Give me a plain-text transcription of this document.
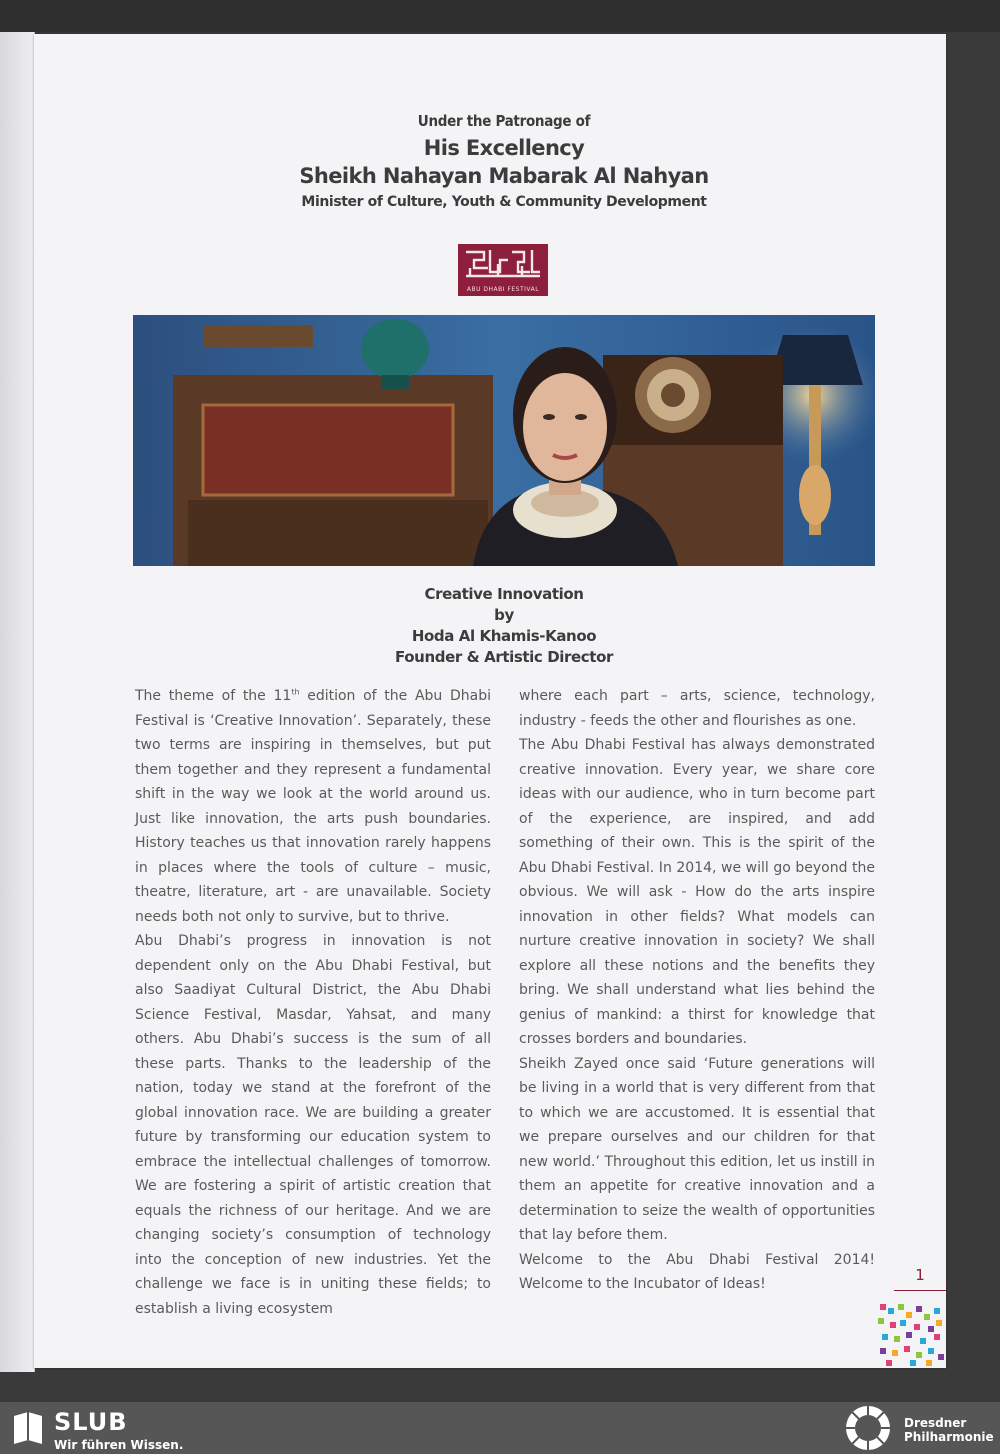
Under the Patronage of
His Excellency
Sheikh Nahayan Mabarak Al Nahyan
Minister of Culture, Youth & Community Development
ABU DHABI FESTIVAL
Creative Innovation
by
Hoda Al Khamis-Kanoo
Founder & Artistic Director

The theme of the 11th edition of the Abu Dhabi Festival is ‘Creative Innovation’. Separately, these two terms are inspiring in themselves, but put them together and they represent a fundamental shift in the way we look at the world around us. Just like innovation, the arts push boundaries. History teaches us that innovation rarely happens in places where the tools of culture – music, theatre, literature, art - are unavailable. Society needs both not only to survive, but to thrive.

Abu Dhabi’s progress in innovation is not dependent only on the Abu Dhabi Festival, but also Saadiyat Cultural District, the Abu Dhabi Science Festival, Masdar, Yahsat, and many others. Abu Dhabi’s success is the sum of all these parts. Thanks to the leadership of the nation, today we stand at the forefront of the global innovation race. We are building a greater future by transforming our education system to embrace the intellectual challenges of tomorrow. We are fostering a spirit of artistic creation that equals the richness of our heritage. And we are changing society’s consumption of technology into the conception of new industries. Yet the challenge we face is in uniting these fields; to establish a living ecosystem

where each part – arts, science, technology, industry - feeds the other and flourishes as one.

The Abu Dhabi Festival has always demonstrated creative innovation. Every year, we share core ideas with our audience, who in turn become part of the experience, are inspired, and add something of their own. This is the spirit of the Abu Dhabi Festival. In 2014, we will go beyond the obvious. We will ask - How do the arts inspire innovation in other fields? What models can nurture creative innovation in society? We shall explore all these notions and the benefits they bring. We shall understand what lies behind the genius of mankind: a thirst for knowledge that crosses borders and boundaries.

Sheikh Zayed once said ‘Future generations will be living in a world that is very different from that to which we are accustomed. It is essential that we prepare ourselves and our children for that new world.’ Throughout this edition, let us instill in them an appetite for creative innovation and a determination to seize the wealth of opportunities that lay before them.

Welcome to the Abu Dhabi Festival 2014! Welcome to the Incubator of Ideas!	1
SLUB
Wir führen Wissen.
Dresdner
Philharmonie
